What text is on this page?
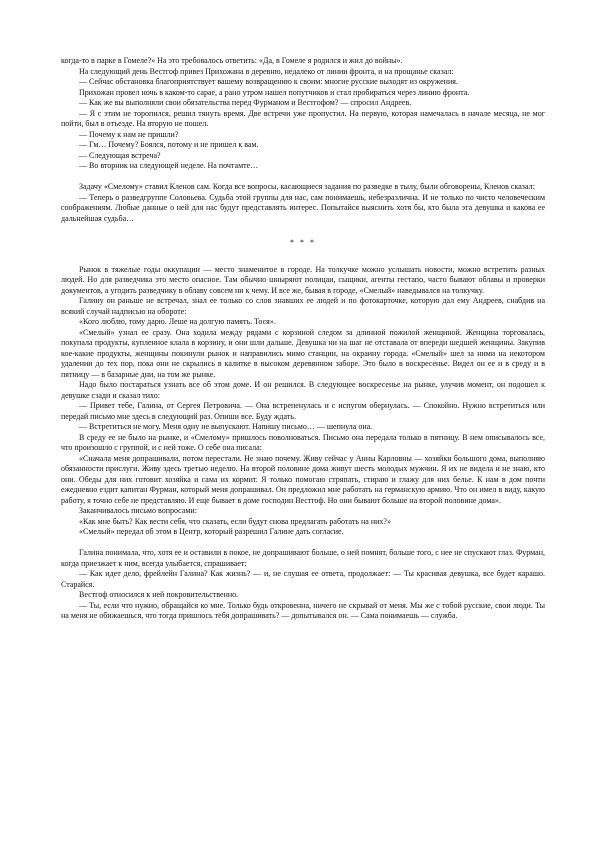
когда-то в парке в Гомеле?» На это требовалось ответить: «Да, в Гомеле я родился и жил до войны».

На следующий день Вестгоф привез Прихожана в деревню, недалеко от линии фронта, и на прощанье сказал:

— Сейчас обстановка благоприятствует вашему возвращению к своим: многие русские выходят из окружения.

Прихожан провел ночь в каком-то сарае, а рано утром нашел попутчиков и стал пробираться через линию фронта.

— Как же вы выполняли свои обязательства перед Фурманом и Вестгофом? — спросил Андреев.

— Я с этим не торопился, решил тянуть время. Две встречи уже пропустил. На первую, которая намечалась в начале месяца, не мог пойти, был в отъезде. На вторую не пошел.

— Почему к нам не пришли?

— Гм… Почему? Боялся, потому и не пришел к вам.

— Следующая встреча?

— Во вторник на следующей неделе. На почтамте…

Задачу «Смелому» ставил Кленов сам. Когда все вопросы, касающиеся задания по разведке в тылу, были обговорены, Кленов сказал:

— Теперь о разведгруппе Соловьева. Судьба этой группы для нас, сам понимаешь, небезразлична. И не только по чисто человеческим соображениям. Любые данные о ней для нас будут представлять интерес. Попытайся выяснить хотя бы, кто была эта девушка и какова ее дальнейшая судьба…

* * *

Рынок в тяжелые годы оккупации — место знаменитое в городе. На толкучке можно услышать новости, можно встретить разных людей. Но для разведчика это место опасное. Там обычно шныряют полицаи, сыщики, агенты гестапо, часто бывают облавы и проверки документов, а угодить разведчику в облаву совсем ни к чему. И все же, бывая в городе, «Смелый» наведывался на толкучку.

Галину он раньше не встречал, знал ее только со слов знавших ее людей и по фотокарточке, которую дал ему Андреев, снабдив на всякий случай надписью на обороте:

«Кого люблю, тому дарю. Леше на долгую память. Тося».

«Смелый» узнал ее сразу. Она ходила между рядами с корзиной следом за длинной пожилой женщиной. Женщина торговалась, покупала продукты, купленное клала в корзину, и они шли дальше. Девушка ни на шаг не отставала от впереди шедшей женщины. Закупив кое-какие продукты, женщины покинули рынок и направились мимо станции, на окраину города. «Смелый» шел за ними на некотором удалении до тех пор, пока они не скрылись в калитке в высоком деревянном заборе. Это было в воскресенье. Видел он ее и в среду и в пятницу — в базарные дни, на том же рынке.

Надо было постараться узнать все об этом доме. И он решился. В следующее воскресенье на рынке, улучив момент, он подошел к девушке сзади и сказал тихо:

— Привет тебе, Галина, от Сергея Петровича. — Она встрепенулась и с испугом обернулась. — Спокойно. Нужно встретиться или передай письмо мне здесь в следующий раз. Опиши все. Буду ждать.

— Встретиться не могу. Меня одну не выпускают. Напишу письмо… — шепнула она.

В среду ее не было на рынке, и «Смелому» пришлось поволноваться. Письмо она передала только в пятницу. В нем описывалось все, что произошло с группой, и с ней тоже. О себе она писала:

«Сначала меня допрашивали, потом перестали. Не знаю почему. Живу сейчас у Анны Карловны — хозяйки большого дома, выполняю обязанности прислуги. Живу здесь третью неделю. На второй половине дома живут шесть молодых мужчин. Я их не видела и не знаю, кто они. Обеды для них готовит хозяйка и сама их кормит. Я только помогаю стряпать, стираю и глажу для них белье. К нам в дом почти ежедневно ездит капитан Фурман, который меня допрашивал. Он предложил мне работать на германскую армию. Что он имел в виду, какую работу, я точно себе не представляю. И еще бывает в доме господин Вестгоф. Но они бывают больше на второй половине дома».

Заканчивалось письмо вопросами:

«Как мне быть? Как вести себя, что сказать, если будут снова предлагать работать на них?»

«Смелый» передал об этом в Центр, который разрешил Галине дать согласие.

Галина понимала, что, хотя ее и оставили в покое, не допрашивают больше, о ней помнят, больше того, с нее не спускают глаз. Фурман, когда приезжает к ним, всегда улыбается, спрашивает:

— Как идет дело, фрейлейн Галина? Как жизнь? — и, не слушая ее ответа, продолжает: — Ты красивая девушка, все будет карашо. Старайся.

Вестгоф относился к ней покровительственно.

— Ты, если что нужно, обращайся ко мне. Только будь откровенна, ничего не скрывай от меня. Мы же с тобой русские, свои люди. Ты на меня не обижаешься, что тогда пришлось тебя допрашивать? — допытывался он. — Сама понимаешь — служба.
